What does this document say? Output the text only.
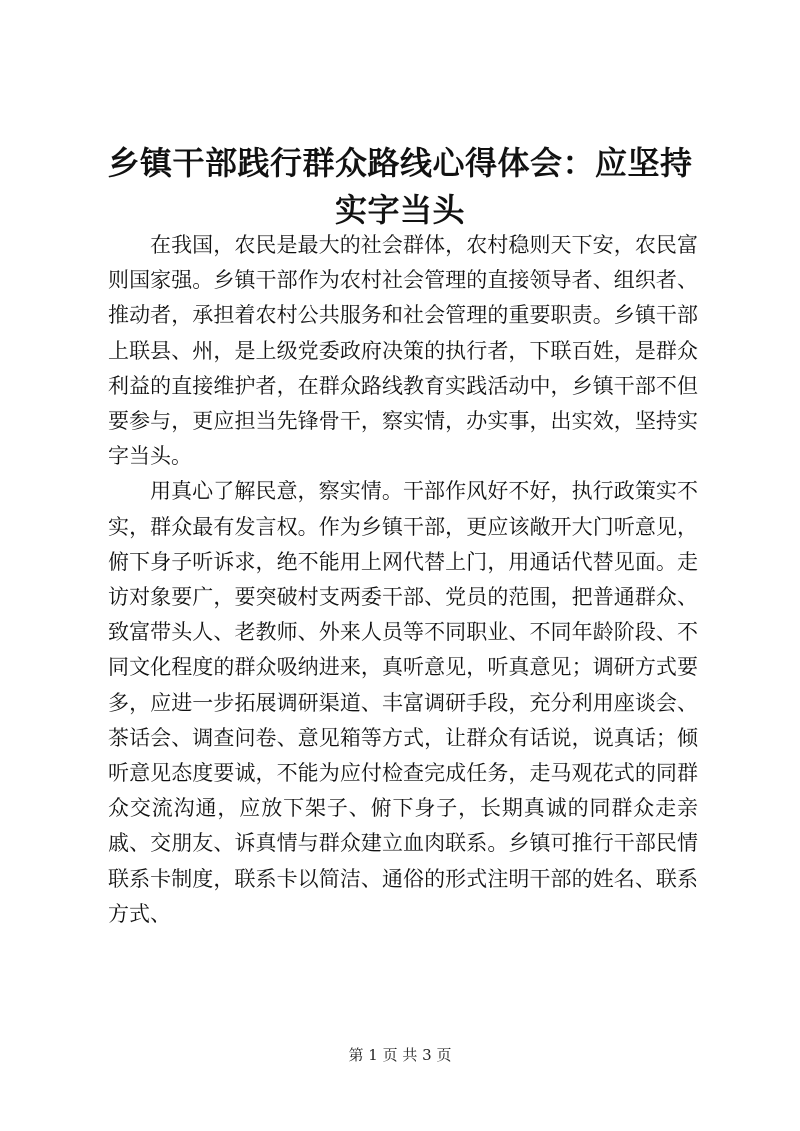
乡镇干部践行群众路线心得体会：应坚持实字当头

在我国，农民是最大的社会群体，农村稳则天下安，农民富则国家强。乡镇干部作为农村社会管理的直接领导者、组织者、推动者，承担着农村公共服务和社会管理的重要职责。乡镇干部上联县、州，是上级党委政府决策的执行者，下联百姓，是群众利益的直接维护者，在群众路线教育实践活动中，乡镇干部不但要参与，更应担当先锋骨干，察实情，办实事，出实效，坚持实字当头。

用真心了解民意，察实情。干部作风好不好，执行政策实不实，群众最有发言权。作为乡镇干部，更应该敞开大门听意见，俯下身子听诉求，绝不能用上网代替上门，用通话代替见面。走访对象要广，要突破村支两委干部、党员的范围，把普通群众、致富带头人、老教师、外来人员等不同职业、不同年龄阶段、不同文化程度的群众吸纳进来，真听意见，听真意见；调研方式要多，应进一步拓展调研渠道、丰富调研手段，充分利用座谈会、茶话会、调查问卷、意见箱等方式，让群众有话说，说真话；倾听意见态度要诚，不能为应付检查完成任务，走马观花式的同群众交流沟通，应放下架子、俯下身子，长期真诚的同群众走亲戚、交朋友、诉真情与群众建立血肉联系。乡镇可推行干部民情联系卡制度，联系卡以简洁、通俗的形式注明干部的姓名、联系方式、

第 1 页 共 3 页
